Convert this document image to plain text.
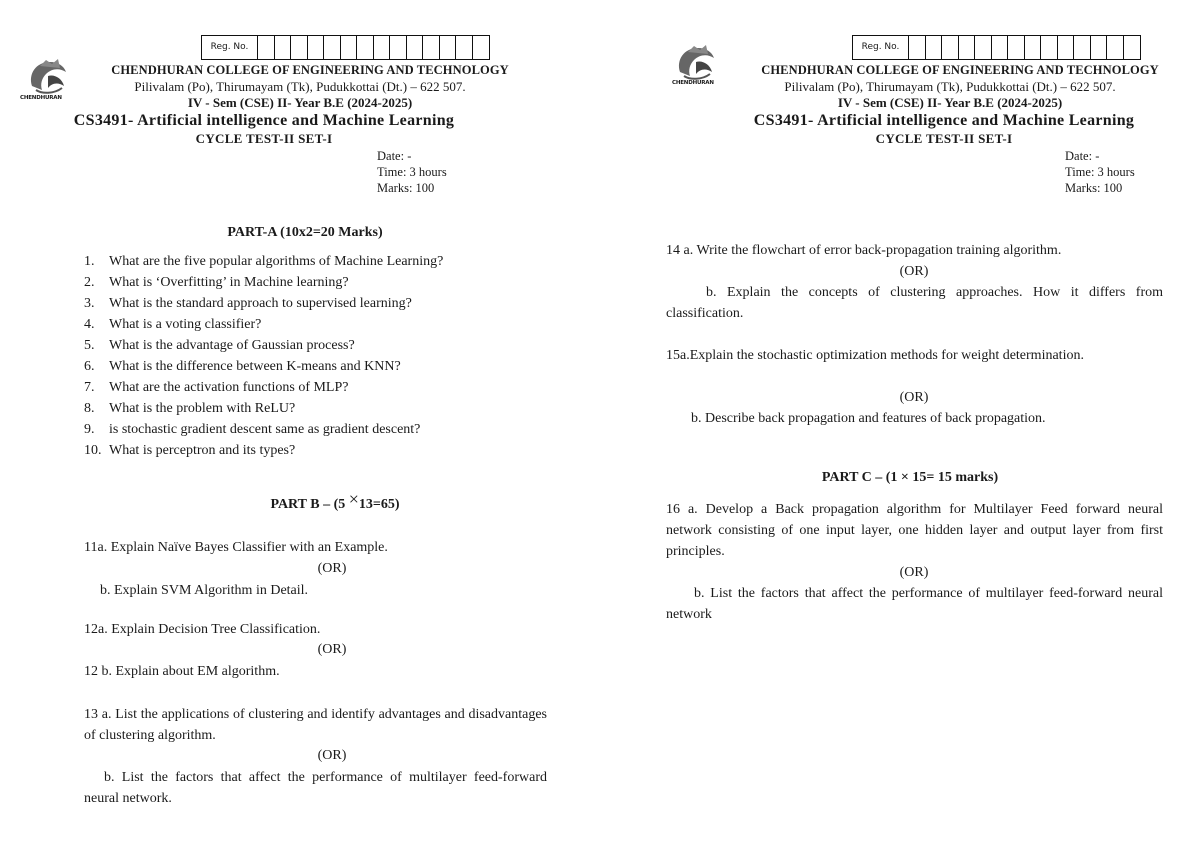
Reg. No.
CHENDHURAN
CHENDHURAN COLLEGE OF ENGINEERING AND TECHNOLOGY
Pilivalam (Po), Thirumayam (Tk), Pudukkottai (Dt.) – 622 507.
IV - Sem (CSE) II- Year B.E (2024-2025)
CS3491- Artificial intelligence and Machine Learning
CYCLE TEST-II SET-I
Date: -
Time: 3 hours
Marks: 100
PART-A (10x2=20 Marks)
1.	What are the five popular algorithms of Machine Learning?
2.	What is ‘Overfitting’ in Machine learning?
3.	What is the standard approach to supervised learning?
4.	What is a voting classifier?
5.	What is the advantage of Gaussian process?
6.	What is the difference between K-means and KNN?
7.	What are the activation functions of MLP?
8.	What is the problem with ReLU?
9.	is stochastic gradient descent same as gradient descent?
10. What is perceptron and its types?
PART B – (5 ×13=65)
11a. Explain Naïve Bayes Classifier with an Example.
(OR)
b. Explain SVM Algorithm in Detail.
12a. Explain Decision Tree Classification.
(OR)
12 b. Explain about EM algorithm.
13 a. List the applications of clustering and identify advantages and disadvantages of clustering algorithm.
(OR)
b. List the factors that affect the performance of multilayer feed-forward neural network.
Reg. No.
CHENDHURAN
CHENDHURAN COLLEGE OF ENGINEERING AND TECHNOLOGY
Pilivalam (Po), Thirumayam (Tk), Pudukkottai (Dt.) – 622 507.
IV - Sem (CSE) II- Year B.E (2024-2025)
CS3491- Artificial intelligence and Machine Learning
CYCLE TEST-II SET-I
Date: -
Time: 3 hours
Marks: 100
14 a. Write the flowchart of error back-propagation training algorithm.
(OR)
b. Explain the concepts of clustering approaches. How it differs from classification.
15a.Explain the stochastic optimization methods for weight determination.
(OR)
b. Describe back propagation and features of back propagation.
PART C – (1 × 15= 15 marks)
16 a. Develop a Back propagation algorithm for Multilayer Feed forward neural network consisting of one input layer, one hidden layer and output layer from first principles.
(OR)
b. List the factors that affect the performance of multilayer feed-forward neural network
